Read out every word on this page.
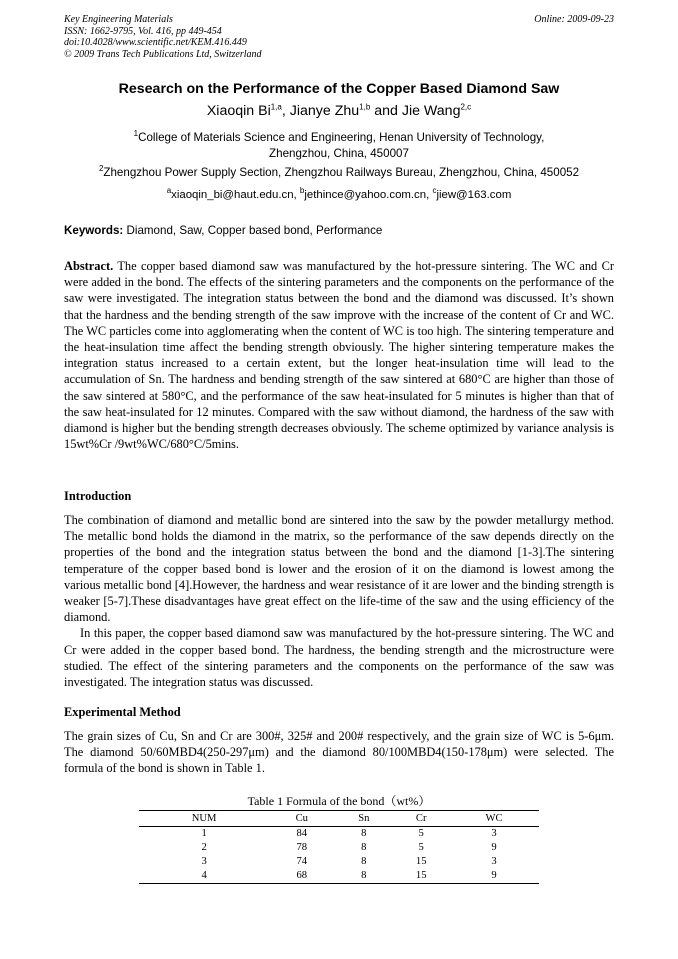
Key Engineering Materials
ISSN: 1662-9795, Vol. 416, pp 449-454
doi:10.4028/www.scientific.net/KEM.416.449
© 2009 Trans Tech Publications Ltd, Switzerland
Online: 2009-09-23
Research on the Performance of the Copper Based Diamond Saw
Xiaoqin Bi$^{1,a}$, Jianye Zhu$^{1,b}$ and Jie Wang$^{2,c}$
$^1$College of Materials Science and Engineering, Henan University of Technology,
Zhengzhou, China, 450007
$^2$Zhengzhou Power Supply Section, Zhengzhou Railways Bureau, Zhengzhou, China, 450052
$^a$xiaoqin_bi@haut.edu.cn, $^b$jethince@yahoo.com.cn, $^c$jiew@163.com
Keywords: Diamond, Saw, Copper based bond, Performance
Abstract. The copper based diamond saw was manufactured by the hot-pressure sintering. The WC and Cr were added in the bond. The effects of the sintering parameters and the components on the performance of the saw were investigated. The integration status between the bond and the diamond was discussed. It’s shown that the hardness and the bending strength of the saw improve with the increase of the content of Cr and WC. The WC particles come into agglomerating when the content of WC is too high. The sintering temperature and the heat-insulation time affect the bending strength obviously. The higher sintering temperature makes the integration status increased to a certain extent, but the longer heat-insulation time will lead to the accumulation of Sn. The hardness and bending strength of the saw sintered at 680°C are higher than those of the saw sintered at 580°C, and the performance of the saw heat-insulated for 5 minutes is higher than that of the saw heat-insulated for 12 minutes. Compared with the saw without diamond, the hardness of the saw with diamond is higher but the bending strength decreases obviously. The scheme optimized by variance analysis is 15wt%Cr /9wt%WC/680°C/5mins.
Introduction
The combination of diamond and metallic bond are sintered into the saw by the powder metallurgy method. The metallic bond holds the diamond in the matrix, so the performance of the saw depends directly on the properties of the bond and the integration status between the bond and the diamond [1-3].The sintering temperature of the copper based bond is lower and the erosion of it on the diamond is lowest among the various metallic bond [4].However, the hardness and wear resistance of it are lower and the binding strength is weaker [5-7].These disadvantages have great effect on the life-time of the saw and the using efficiency of the diamond.
In this paper, the copper based diamond saw was manufactured by the hot-pressure sintering. The WC and Cr were added in the copper based bond. The hardness, the bending strength and the microstructure were studied. The effect of the sintering parameters and the components on the performance of the saw was investigated. The integration status was discussed.
Experimental Method
The grain sizes of Cu, Sn and Cr are 300#, 325# and 200# respectively, and the grain size of WC is 5-6μm. The diamond 50/60MBD4(250-297μm) and the diamond 80/100MBD4(150-178μm) were selected. The formula of the bond is shown in Table 1.
Table 1 Formula of the bond（wt%）
NUM	Cu	Sn	Cr	WC
1	84	8	5	3
2	78	8	5	9
3	74	8	15	3
4	68	8	15	9
